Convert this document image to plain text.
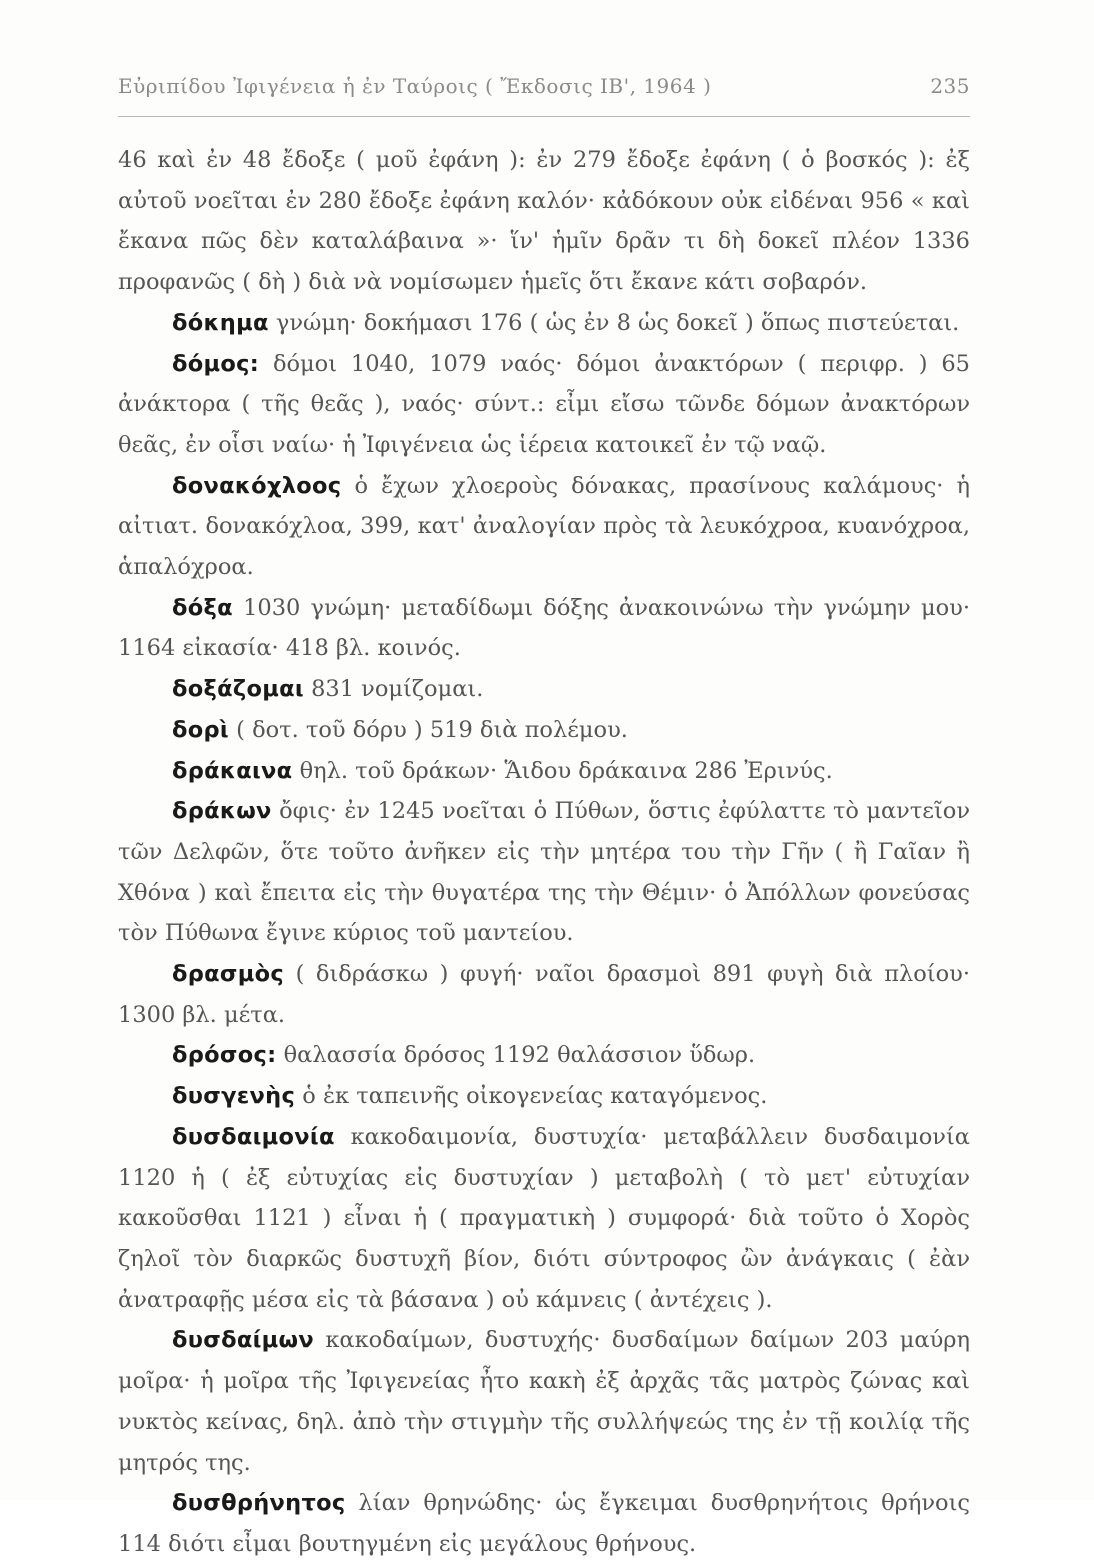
Εὐριπίδου Ἰφιγένεια ἡ ἐν Ταύροις ( Ἔκδοσις ΙΒ', 1964 )	235

46 καὶ ἐν 48 ἔδοξε ( μοῦ ἐφάνη ): ἐν 279 ἔδοξε ἐφάνη ( ὁ βοσκός ): ἐξ αὐτοῦ νοεῖται ἐν 280 ἔδοξε ἐφάνη καλόν· κἀδόκουν οὐκ εἰδέναι 956 « καὶ ἔκανα πῶς δὲν καταλάβαινα »· ἵν' ἡμῖν δρᾶν τι δὴ δοκεῖ πλέον 1336 προφανῶς ( δὴ ) διὰ νὰ νομίσωμεν ἡμεῖς ὅτι ἔκανε κάτι σοβαρόν.

δόκημα γνώμη· δοκήμασι 176 ( ὡς ἐν 8 ὡς δοκεῖ ) ὅπως πιστεύεται.

δόμος: δόμοι 1040, 1079 ναός· δόμοι ἀνακτόρων ( περιφρ. ) 65 ἀνάκτορα ( τῆς θεᾶς ), ναός· σύντ.: εἶμι εἴσω τῶνδε δόμων ἀνακτόρων θεᾶς, ἐν οἷσι ναίω· ἡ Ἰφιγένεια ὡς ἱέρεια κατοικεῖ ἐν τῷ ναῷ.

δονακόχλοος ὁ ἔχων χλοεροὺς δόνακας, πρασίνους καλάμους· ἡ αἰτιατ. δονακόχλοα, 399, κατ' ἀναλογίαν πρὸς τὰ λευκόχροα, κυανόχροα, ἁπαλόχροα.

δόξα 1030 γνώμη· μεταδίδωμι δόξης ἀνακοινώνω τὴν γνώμην μου· 1164 εἰκασία· 418 βλ. κοινός.

δοξάζομαι 831 νομίζομαι.

δορὶ ( δοτ. τοῦ δόρυ ) 519 διὰ πολέμου.

δράκαινα θηλ. τοῦ δράκων· Ἅιδου δράκαινα 286 Ἐρινύς.

δράκων ὄφις· ἐν 1245 νοεῖται ὁ Πύθων, ὅστις ἐφύλαττε τὸ μαντεῖον τῶν Δελφῶν, ὅτε τοῦτο ἀνῆκεν εἰς τὴν μητέρα του τὴν Γῆν ( ἢ Γαῖαν ἢ Χθόνα ) καὶ ἔπειτα εἰς τὴν θυγατέρα της τὴν Θέμιν· ὁ Ἀπόλλων φονεύσας τὸν Πύθωνα ἔγινε κύριος τοῦ μαντείου.

δρασμὸς ( διδράσκω ) φυγή· ναῖοι δρασμοὶ 891 φυγὴ διὰ πλοίου· 1300 βλ. μέτα.

δρόσος: θαλασσία δρόσος 1192 θαλάσσιον ὕδωρ.

δυσγενὴς ὁ ἐκ ταπεινῆς οἰκογενείας καταγόμενος.

δυσδαιμονία κακοδαιμονία, δυστυχία· μεταβάλλειν δυσδαιμονία 1120 ἡ ( ἐξ εὐτυχίας εἰς δυστυχίαν ) μεταβολὴ ( τὸ μετ' εὐτυχίαν κακοῦσθαι 1121 ) εἶναι ἡ ( πραγματικὴ ) συμφορά· διὰ τοῦτο ὁ Χορὸς ζηλοῖ τὸν διαρκῶς δυστυχῆ βίον, διότι σύντροφος ὢν ἀνάγκαις ( ἐὰν ἀνατραφῇς μέσα εἰς τὰ βάσανα ) οὐ κάμνεις ( ἀντέχεις ).

δυσδαίμων κακοδαίμων, δυστυχής· δυσδαίμων δαίμων 203 μαύρη μοῖρα· ἡ μοῖρα τῆς Ἰφιγενείας ἦτο κακὴ ἐξ ἀρχᾶς τᾶς ματρὸς ζώνας καὶ νυκτὸς κείνας, δηλ. ἀπὸ τὴν στιγμὴν τῆς συλλήψεώς της ἐν τῇ κοιλίᾳ τῆς μητρός της.

δυσθρήνητος λίαν θρηνώδης· ὡς ἔγκειμαι δυσθρηνήτοις θρήνοις 114 διότι εἶμαι βουτηγμένη εἰς μεγάλους θρήνους.
